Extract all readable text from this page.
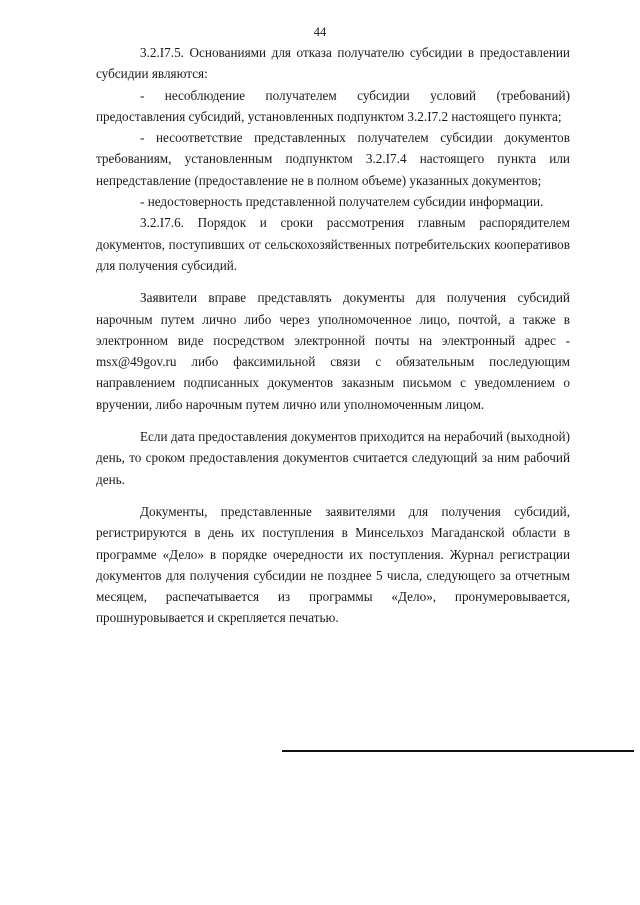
44

3.2.I7.5. Основаниями для отказа получателю субсидии в предоставлении субсидии являются:

- несоблюдение получателем субсидии условий (требований) предоставления субсидий, установленных подпунктом 3.2.I7.2 настоящего пункта;

- несоответствие представленных получателем субсидии документов требованиям, установленным подпунктом 3.2.I7.4 настоящего пункта или непредставление (предоставление не в полном объеме) указанных документов;

- недостоверность представленной получателем субсидии информации.

3.2.I7.6. Порядок и сроки рассмотрения главным распорядителем документов, поступивших от сельскохозяйственных потребительских кооперативов для получения субсидий.

Заявители вправе представлять документы для получения субсидий нарочным путем лично либо через уполномоченное лицо, почтой, а также в электронном виде посредством электронной почты на электронный адрес - msx@49gov.ru либо факсимильной связи с обязательным последующим направлением подписанных документов заказным письмом с уведомлением о вручении, либо нарочным путем лично или уполномоченным лицом.

Если дата предоставления документов приходится на нерабочий (выходной) день, то сроком предоставления документов считается следующий за ним рабочий день.

Документы, представленные заявителями для получения субсидий, регистрируются в день их поступления в Минсельхоз Магаданской области в программе «Дело» в порядке очередности их поступления. Журнал регистрации документов для получения субсидии не позднее 5 числа, следующего за отчетным месяцем, распечатывается из программы «Дело», пронумеровывается, прошнуровывается и скрепляется печатью.
